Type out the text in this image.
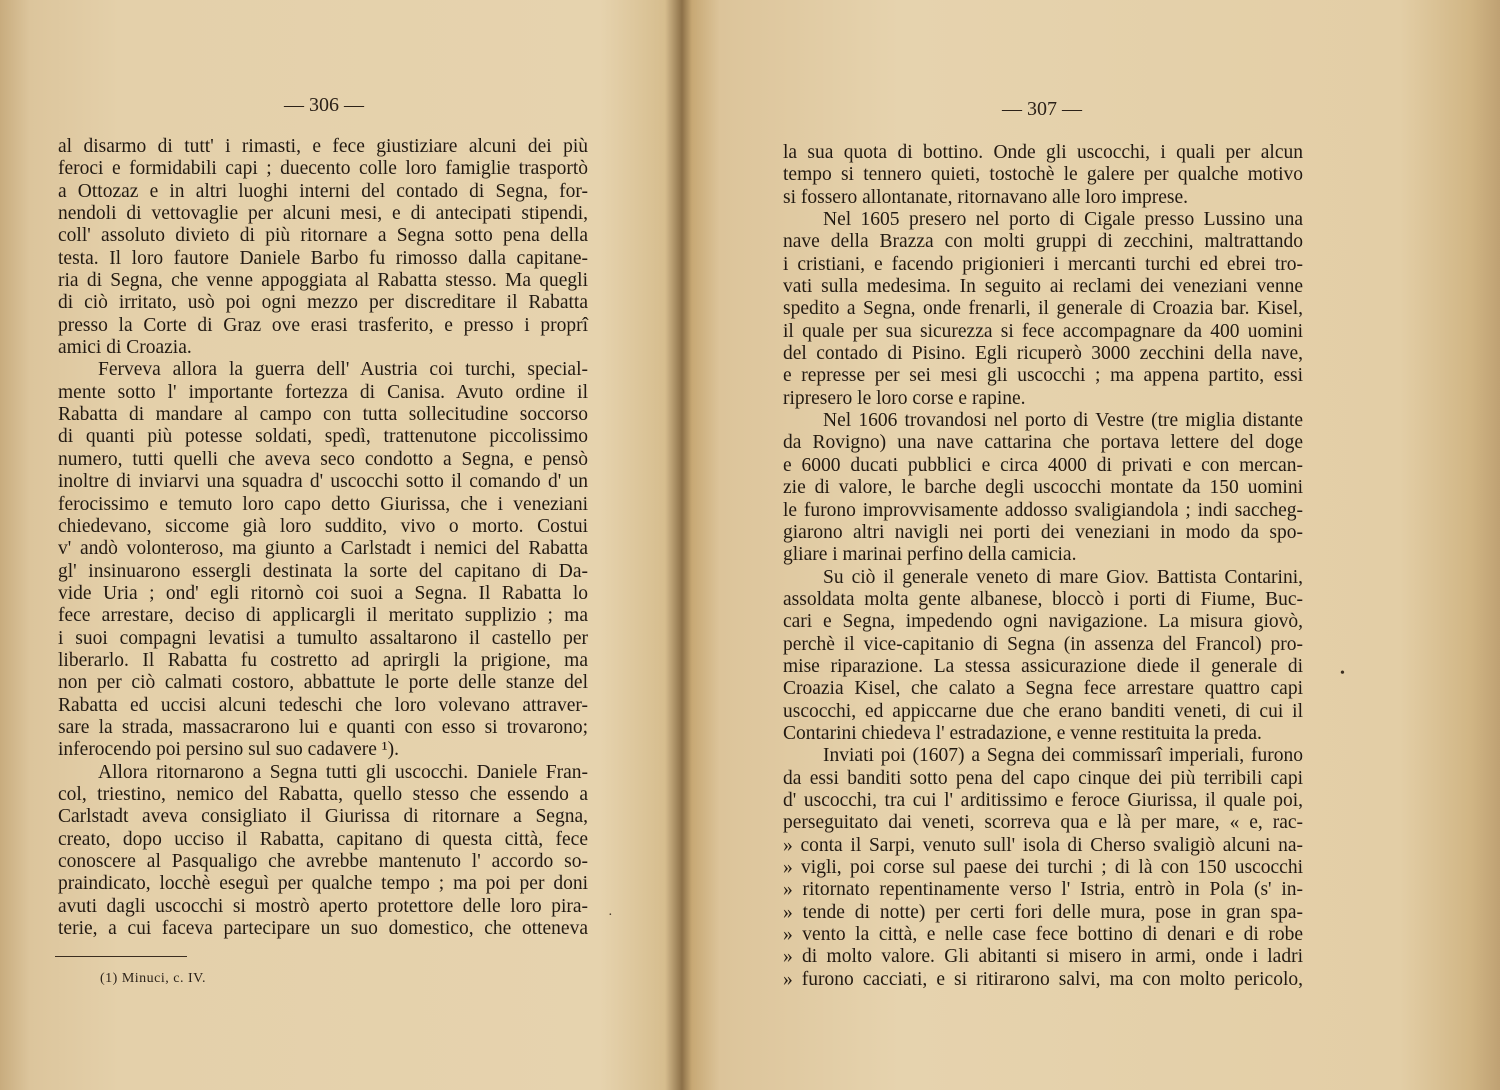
— 306 —
al disarmo di tutt' i rimasti, e fece giustiziare alcuni dei più
feroci e formidabili capi ; duecento colle loro famiglie trasportò
a Ottozaz e in altri luoghi interni del contado di Segna, for-
nendoli di vettovaglie per alcuni mesi, e di antecipati stipendi,
coll' assoluto divieto di più ritornare a Segna sotto pena della
testa. Il loro fautore Daniele Barbo fu rimosso dalla capitane-
ria di Segna, che venne appoggiata al Rabatta stesso. Ma quegli
di ciò irritato, usò poi ogni mezzo per discreditare il Rabatta
presso la Corte di Graz ove erasi trasferito, e presso i proprî
amici di Croazia.
Ferveva allora la guerra dell' Austria coi turchi, special-
mente sotto l' importante fortezza di Canisa. Avuto ordine il
Rabatta di mandare al campo con tutta sollecitudine soccorso
di quanti più potesse soldati, spedì, trattenutone piccolissimo
numero, tutti quelli che aveva seco condotto a Segna, e pensò
inoltre di inviarvi una squadra d' uscocchi sotto il comando d' un
ferocissimo e temuto loro capo detto Giurissa, che i veneziani
chiedevano, siccome già loro suddito, vivo o morto. Costui
v' andò volonteroso, ma giunto a Carlstadt i nemici del Rabatta
gl' insinuarono essergli destinata la sorte del capitano di Da-
vide Uria ; ond' egli ritornò coi suoi a Segna. Il Rabatta lo
fece arrestare, deciso di applicargli il meritato supplizio ; ma
i suoi compagni levatisi a tumulto assaltarono il castello per
liberarlo. Il Rabatta fu costretto ad aprirgli la prigione, ma
non per ciò calmati costoro, abbattute le porte delle stanze del
Rabatta ed uccisi alcuni tedeschi che loro volevano attraver-
sare la strada, massacrarono lui e quanti con esso si trovarono;
inferocendo poi persino sul suo cadavere ¹).
Allora ritornarono a Segna tutti gli uscocchi. Daniele Fran-
col, triestino, nemico del Rabatta, quello stesso che essendo a
Carlstadt aveva consigliato il Giurissa di ritornare a Segna,
creato, dopo ucciso il Rabatta, capitano di questa città, fece
conoscere al Pasqualigo che avrebbe mantenuto l' accordo so-
praindicato, locchè eseguì per qualche tempo ; ma poi per doni
avuti dagli uscocchi si mostrò aperto protettore delle loro pira-
terie, a cui faceva partecipare un suo domestico, che otteneva
(1) Minuci, c. IV.
·
— 307 —
la sua quota di bottino. Onde gli uscocchi, i quali per alcun
tempo si tennero quieti, tostochè le galere per qualche motivo
si fossero allontanate, ritornavano alle loro imprese.
Nel 1605 presero nel porto di Cigale presso Lussino una
nave della Brazza con molti gruppi di zecchini, maltrattando
i cristiani, e facendo prigionieri i mercanti turchi ed ebrei tro-
vati sulla medesima. In seguito ai reclami dei veneziani venne
spedito a Segna, onde frenarli, il generale di Croazia bar. Kisel,
il quale per sua sicurezza si fece accompagnare da 400 uomini
del contado di Pisino. Egli ricuperò 3000 zecchini della nave,
e represse per sei mesi gli uscocchi ; ma appena partito, essi
ripresero le loro corse e rapine.
Nel 1606 trovandosi nel porto di Vestre (tre miglia distante
da Rovigno) una nave cattarina che portava lettere del doge
e 6000 ducati pubblici e circa 4000 di privati e con mercan-
zie di valore, le barche degli uscocchi montate da 150 uomini
le furono improvvisamente addosso svaligiandola ; indi saccheg-
giarono altri navigli nei porti dei veneziani in modo da spo-
gliare i marinai perfino della camicia.
Su ciò il generale veneto di mare Giov. Battista Contarini,
assoldata molta gente albanese, bloccò i porti di Fiume, Buc-
cari e Segna, impedendo ogni navigazione. La misura giovò,
perchè il vice-capitanio di Segna (in assenza del Francol) pro-
mise riparazione. La stessa assicurazione diede il generale di
Croazia Kisel, che calato a Segna fece arrestare quattro capi
uscocchi, ed appiccarne due che erano banditi veneti, di cui il
Contarini chiedeva l' estradazione, e venne restituita la preda.
Inviati poi (1607) a Segna dei commissarî imperiali, furono
da essi banditi sotto pena del capo cinque dei più terribili capi
d' uscocchi, tra cui l' arditissimo e feroce Giurissa, il quale poi,
perseguitato dai veneti, scorreva qua e là per mare, « e, rac-
» conta il Sarpi, venuto sull' isola di Cherso svaligiò alcuni na-
» vigli, poi corse sul paese dei turchi ; di là con 150 uscocchi
» ritornato repentinamente verso l' Istria, entrò in Pola (s' in-
» tende di notte) per certi fori delle mura, pose in gran spa-
» vento la città, e nelle case fece bottino di denari e di robe
» di molto valore. Gli abitanti si misero in armi, onde i ladri
» furono cacciati, e si ritirarono salvi, ma con molto pericolo,
•
